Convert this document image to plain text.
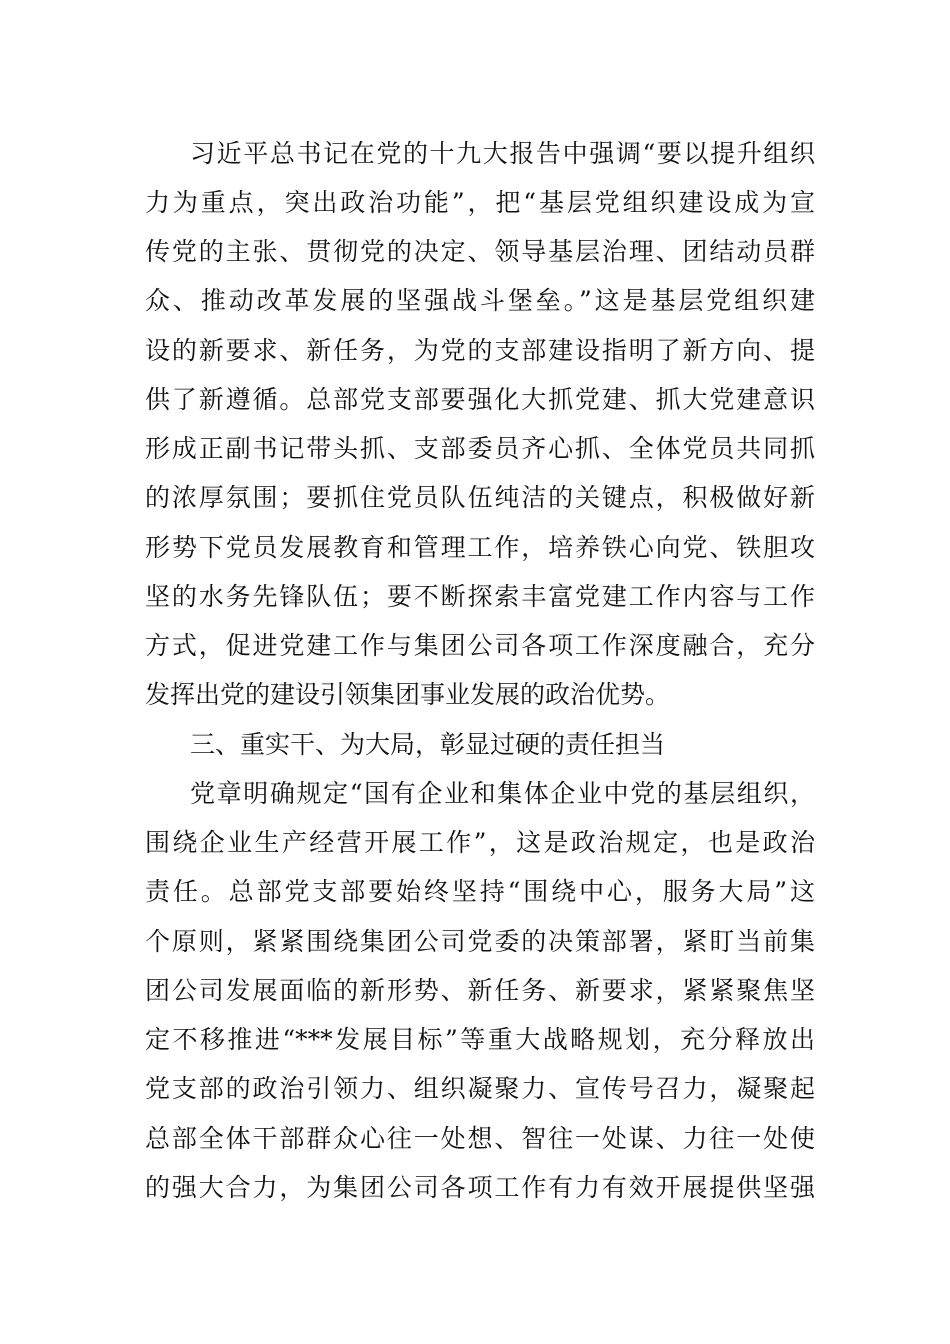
习近平总书记在党的十九大报告中强调“要以提升组织
力为重点，突出政治功能”，把“基层党组织建设成为宣
传党的主张、贯彻党的决定、领导基层治理、团结动员群
众、推动改革发展的坚强战斗堡垒。”这是基层党组织建
设的新要求、新任务，为党的支部建设指明了新方向、提
供了新遵循。总部党支部要强化大抓党建、抓大党建意识
形成正副书记带头抓、支部委员齐心抓、全体党员共同抓
的浓厚氛围；要抓住党员队伍纯洁的关键点，积极做好新
形势下党员发展教育和管理工作，培养铁心向党、铁胆攻
坚的水务先锋队伍；要不断探索丰富党建工作内容与工作
方式，促进党建工作与集团公司各项工作深度融合，充分
发挥出党的建设引领集团事业发展的政治优势。
三、重实干、为大局，彰显过硬的责任担当
党章明确规定“国有企业和集体企业中党的基层组织，
围绕企业生产经营开展工作”，这是政治规定，也是政治
责任。总部党支部要始终坚持“围绕中心，服务大局”这
个原则，紧紧围绕集团公司党委的决策部署，紧盯当前集
团公司发展面临的新形势、新任务、新要求，紧紧聚焦坚
定不移推进“***发展目标”等重大战略规划，充分释放出
党支部的政治引领力、组织凝聚力、宣传号召力，凝聚起
总部全体干部群众心往一处想、智往一处谋、力往一处使
的强大合力，为集团公司各项工作有力有效开展提供坚强
